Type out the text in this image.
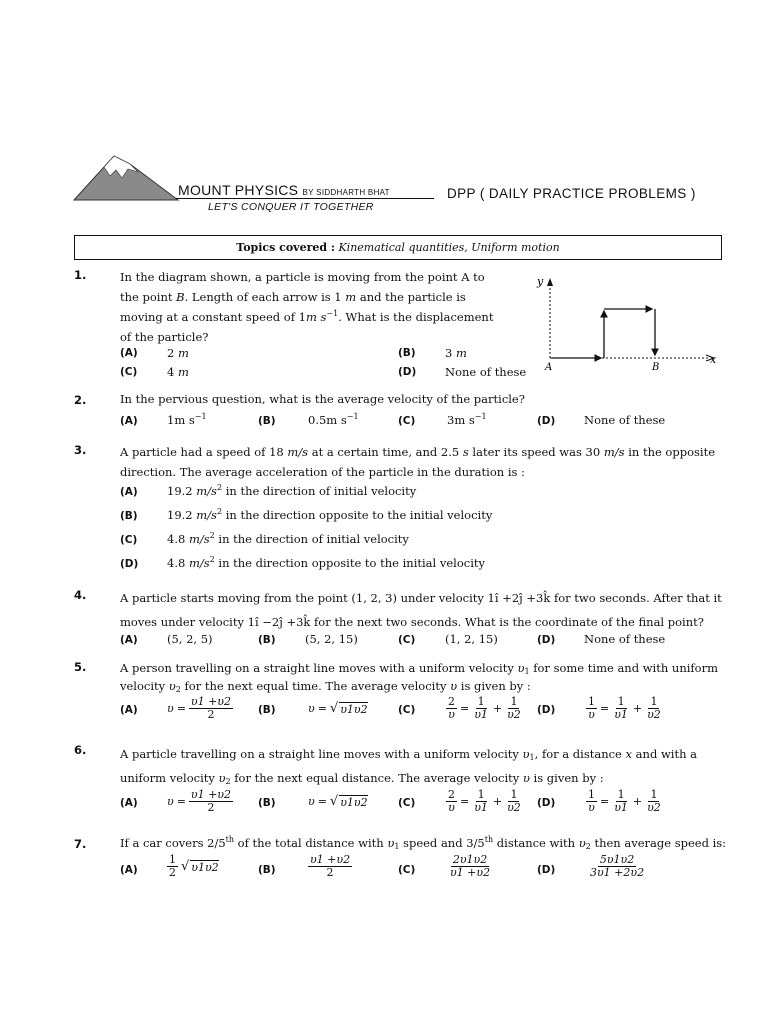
MOUNT PHYSICS BY SIDDHARTH BHAT
LET'S CONQUER IT TOGETHER
DPP ( DAILY PRACTICE PROBLEMS )
Topics covered : Kinematical quantities, Uniform motion
1.	In the diagram shown, a particle is moving from the point A to
the point B. Length of each arrow is 1 m and the particle is
moving at a constant speed of 1m $s^{-1}$. What is the displacement
of the particle?
y
x
A	B
(A)	2 m	(B)	3 m
(C)	4 m	(D) None of these
2.	In the pervious question, what is the average velocity of the particle?
(A)	1m $s^{-1}$	(B)	0.5m $s^{-1}$	(C)	3m $s^{-1}$	(D) None of these
3.	A particle had a speed of 18 m/s at a certain time, and 2.5 s later its speed was 30 m/s in the opposite
direction. The average acceleration of the particle in the duration is :
(A)	19.2 $m/s^2$ in the direction of initial velocity
(B)	19.2 $m/s^2$ in the direction opposite to the initial velocity
(C)	4.8 $m/s^2$ in the direction of initial velocity
(D) 4.8 $m/s^2$ in the direction opposite to the initial velocity
4.	A particle starts moving from the point (1, 2, 3) under velocity 1î +2ĵ +3k̂ for two seconds. After that it
moves under velocity 1î −2ĵ +3k̂ for the next two seconds. What is the coordinate of the final point?
(A)	(5, 2, 5)	(B)	(5, 2, 15)	(C)	(1, 2, 15)	(D) None of these
5.	A person travelling on a straight line moves with a uniform velocity $\upsilon_1$ for some time and with uniform
velocity $\upsilon_2$ for the next equal time. The average velocity υ is given by :
(A)	$\upsilon = \frac{\upsilon 1 +\upsilon 2}{2} (B)$	υ = √ υ1υ2	(C)	$\frac{2}{\upsilon} = \frac{1}{\upsilon 1} + \frac{1}{\upsilon 2} (D)$	$\frac{1}{\upsilon} = \frac{1}{\upsilon 1} + \frac{1}{\upsilon 2}$
6.	A particle travelling on a straight line moves with a uniform velocity $\upsilon_1$, for a distance x and with a
uniform velocity $\upsilon_2$ for the next equal distance. The average velocity υ is given by :
(A)	$\upsilon = \frac{\upsilon 1 +\upsilon 2}{2} (B)$	υ = √ υ1υ2	(C)	$\frac{2}{\upsilon} = \frac{1}{\upsilon 1} + \frac{1}{\upsilon 2} (D)$	$\frac{1}{\upsilon} = \frac{1}{\upsilon 1} + \frac{1}{\upsilon 2}$
7.	If a car covers 2/5th of the total distance with $\upsilon_1$ speed and 3/5th distance with $\upsilon_2$ then average speed is:
(A)	$\frac{1}{2}$ √ υ1υ2	(B)	$\frac{\upsilon 1 +\upsilon 2}{2}$	(C)	$\frac{2\upsilon 1\upsilon 2}{\upsilon 1 +\upsilon 2}$	(D)	$\frac{5\upsilon 1\upsilon 2}{3\upsilon 1 +2\upsilon 2}$
